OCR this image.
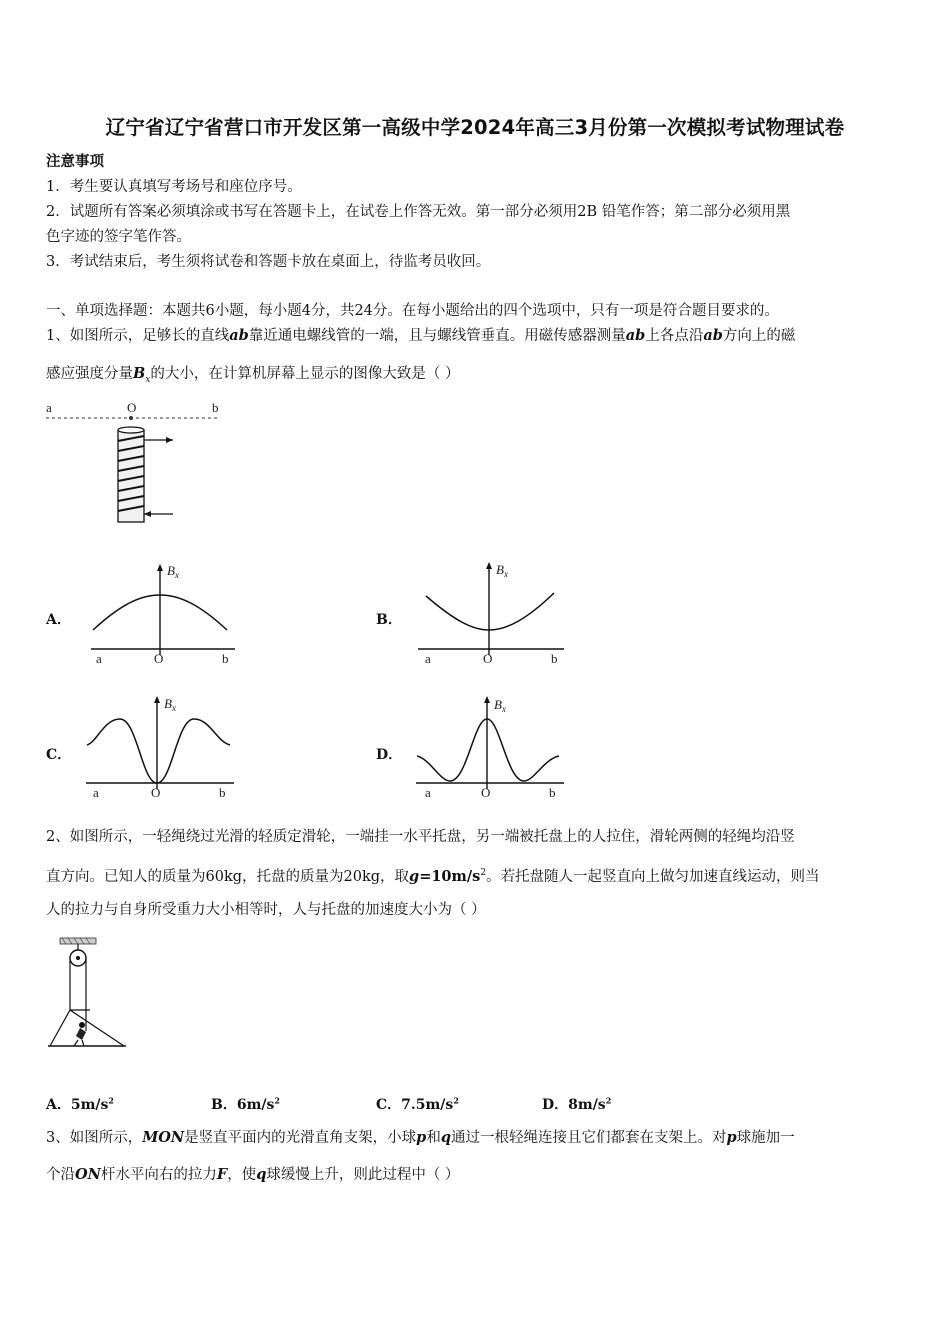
辽宁省辽宁省营口市开发区第一高级中学2024年高三3月份第一次模拟考试物理试卷
注意事项
1．考生要认真填写考场号和座位序号。
2．试题所有答案必须填涂或书写在答题卡上，在试卷上作答无效。第一部分必须用2B 铅笔作答；第二部分必须用黑
色字迹的签字笔作答。
3．考试结束后，考生须将试卷和答题卡放在桌面上，待监考员收回。
一、单项选择题：本题共6小题，每小题4分，共24分。在每小题给出的四个选项中，只有一项是符合题目要求的。
1、如图所示，足够长的直线ab靠近通电螺线管的一端，且与螺线管垂直。用磁传感器测量ab上各点沿ab方向上的磁
感应强度分量$B_x$的大小，在计算机屏幕上显示的图像大致是（ ）
a	O	b
A．	B．
C．	D．
$B_x$
a	O	b
$B_x$
a	O	b
$B_x$
a	O	b
$B_x$
a	O	b
2、如图所示，一轻绳绕过光滑的轻质定滑轮，一端挂一水平托盘，另一端被托盘上的人拉住，滑轮两侧的轻绳均沿竖
直方向。已知人的质量为60kg，托盘的质量为20kg，取$g=10m/s^2$。若托盘随人一起竖直向上做匀加速直线运动，则当
人的拉力与自身所受重力大小相等时，人与托盘的加速度大小为（ ）
A．$5m/s^2$	B．$6m/s^2$	C．$7.5m/s^2$	D．$8m/s^2$
3、如图所示，MON是竖直平面内的光滑直角支架，小球p和q通过一根轻绳连接且它们都套在支架上。对p球施加一
个沿ON杆水平向右的拉力F，使q球缓慢上升，则此过程中（ ）
